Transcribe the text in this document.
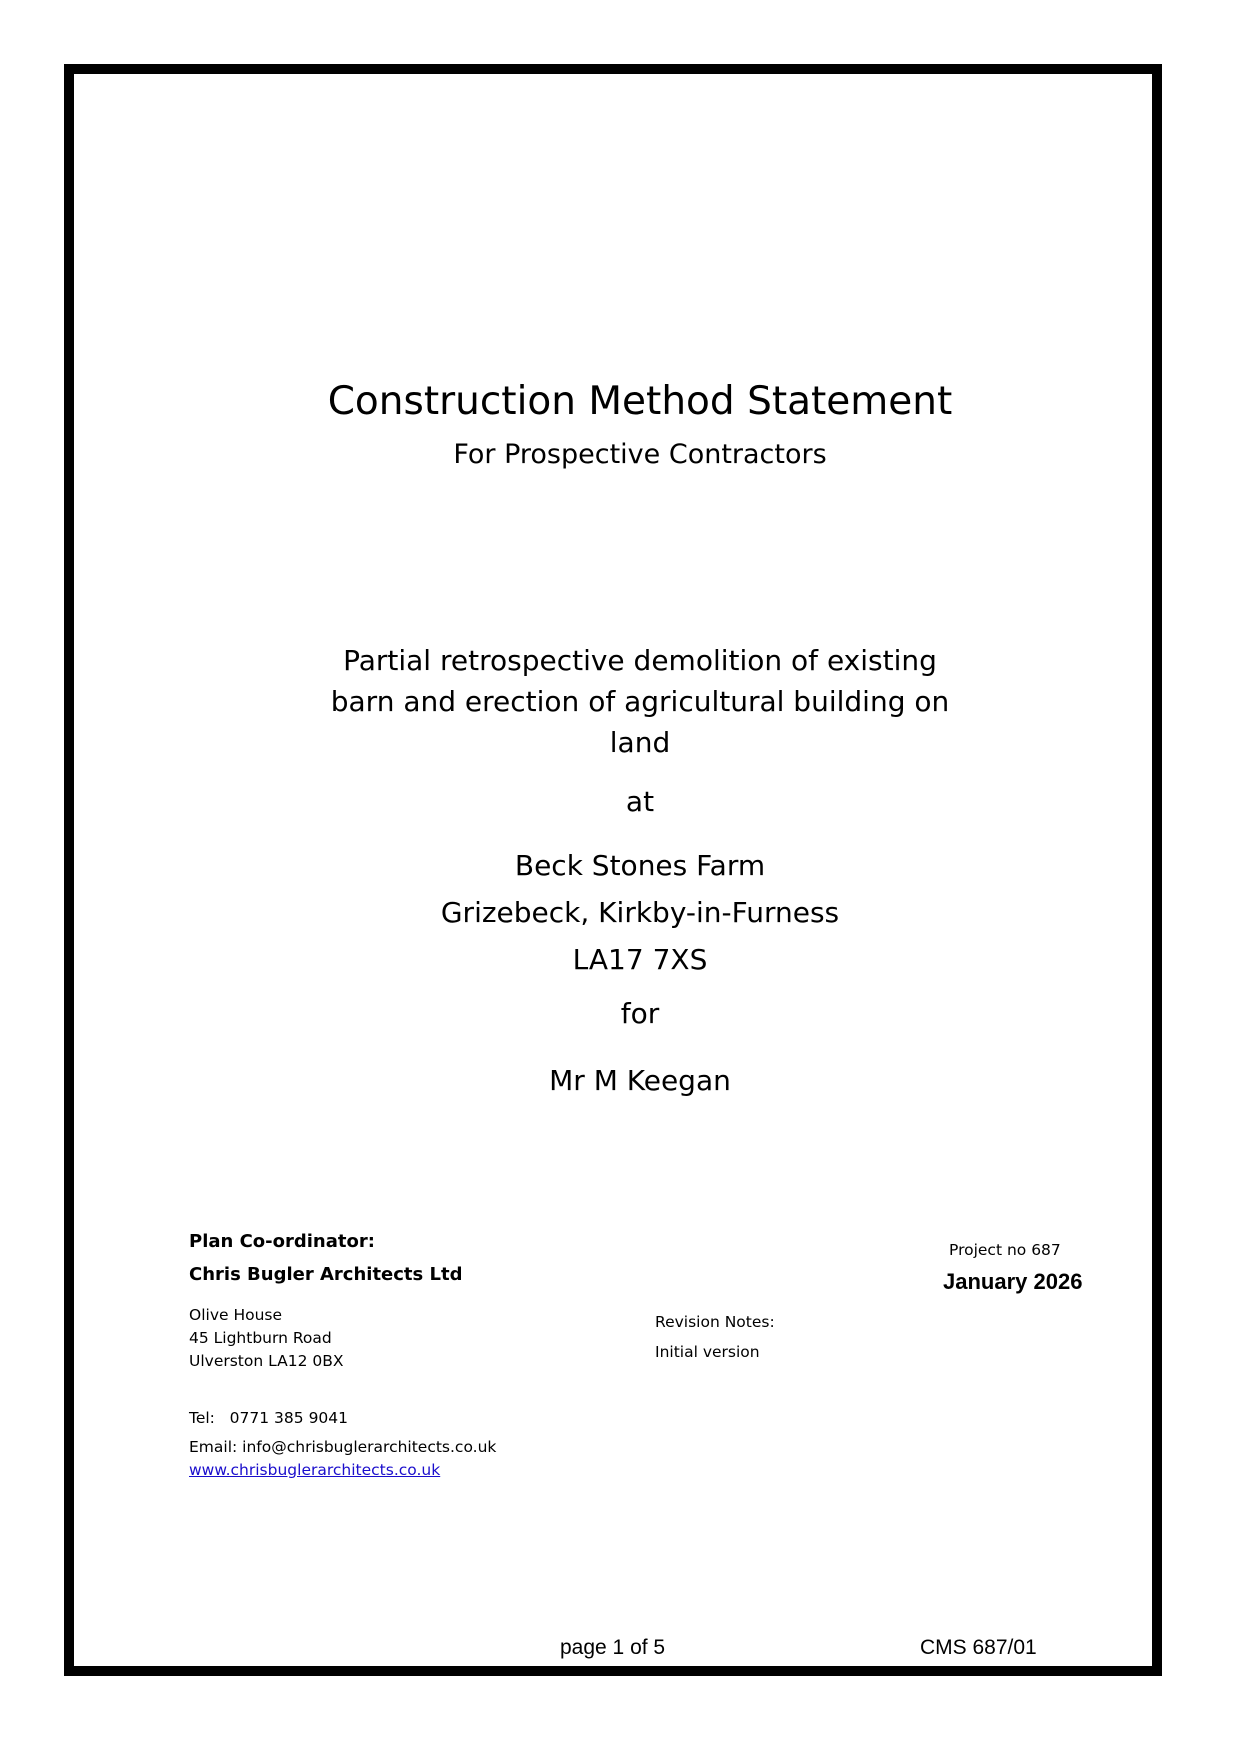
Construction Method Statement
For Prospective Contractors
Partial retrospective demolition of existing barn and erection of agricultural building on land
at
Beck Stones Farm
Grizebeck, Kirkby-in-Furness
LA17 7XS
for
Mr M Keegan
Plan Co-ordinator:
Chris Bugler Architects Ltd
Olive House
45 Lightburn Road
Ulverston LA12 0BX
Tel:   0771 385 9041
Email: info@chrisbuglerarchitects.co.uk
www.chrisbuglerarchitects.co.uk
Revision Notes:
Initial version
Project no 687
January 2026
page 1 of 5	CMS 687/01
